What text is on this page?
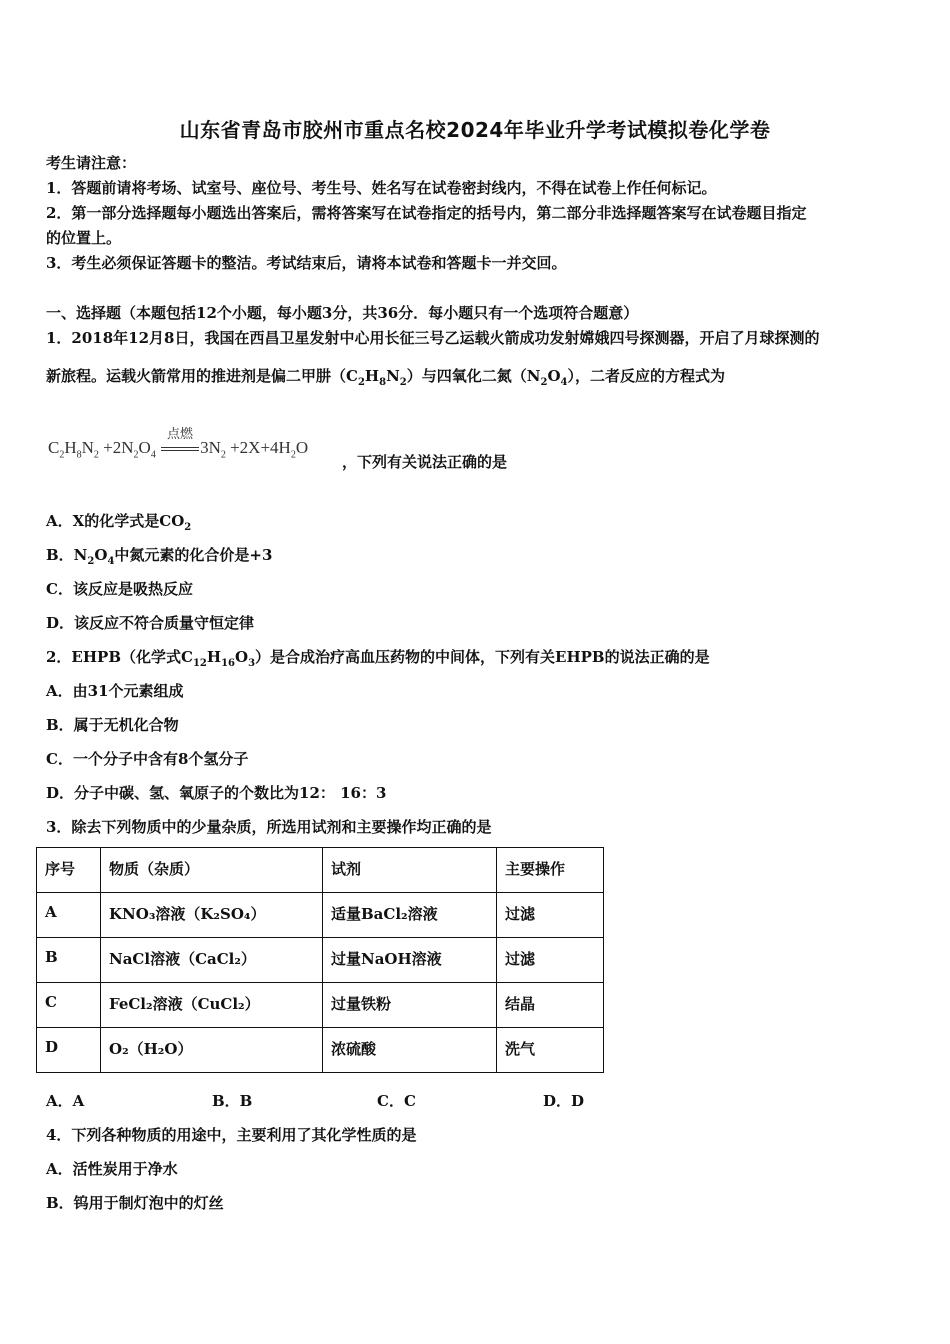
山东省青岛市胶州市重点名校2024年毕业升学考试模拟卷化学卷
考生请注意：
1．答题前请将考场、试室号、座位号、考生号、姓名写在试卷密封线内，不得在试卷上作任何标记。
2．第一部分选择题每小题选出答案后，需将答案写在试卷指定的括号内，第二部分非选择题答案写在试卷题目指定
的位置上。
3．考生必须保证答题卡的整洁。考试结束后，请将本试卷和答题卡一并交回。
一、选择题（本题包括12个小题，每小题3分，共36分．每小题只有一个选项符合题意）
1．2018年12月8日，我国在西昌卫星发射中心用长征三号乙运载火箭成功发射嫦娥四号探测器，开启了月球探测的
新旅程。运载火箭常用的推进剂是偏二甲肼$(C_2H_8N_2)$与四氧化二氮$(N_2O_4)$，二者反应的方程式为
$C_2H_8N_2 +2N_2O_4$
点燃
$3N_2 +2X+4H_2O$
，下列有关说法正确的是
A．X的化学式是$CO_2$
B．$N_2O_4$中氮元素的化合价是+3
C．该反应是吸热反应
D．该反应不符合质量守恒定律
2．EHPB（化学式$C_{12}H_{16}O_3$）是合成治疗高血压药物的中间体，下列有关EHPB的说法正确的是
A．由31个元素组成
B．属于无机化合物
C．一个分子中含有8个氢分子
D．分子中碳、氢、氧原子的个数比为12： 16：3
3．除去下列物质中的少量杂质，所选用试剂和主要操作均正确的是
序号	物质（杂质）	试剂	主要操作
A	KNO₃溶液（K₂SO₄）	适量BaCl₂溶液	过滤
B	NaCl溶液（CaCl₂）	过量NaOH溶液	过滤
C	FeCl₂溶液（CuCl₂）	过量铁粉	结晶
D	O₂（H₂O）	浓硫酸	洗气
A．A	B．B	C．C	D．D
4．下列各种物质的用途中，主要利用了其化学性质的是
A．活性炭用于净水
B．钨用于制灯泡中的灯丝
